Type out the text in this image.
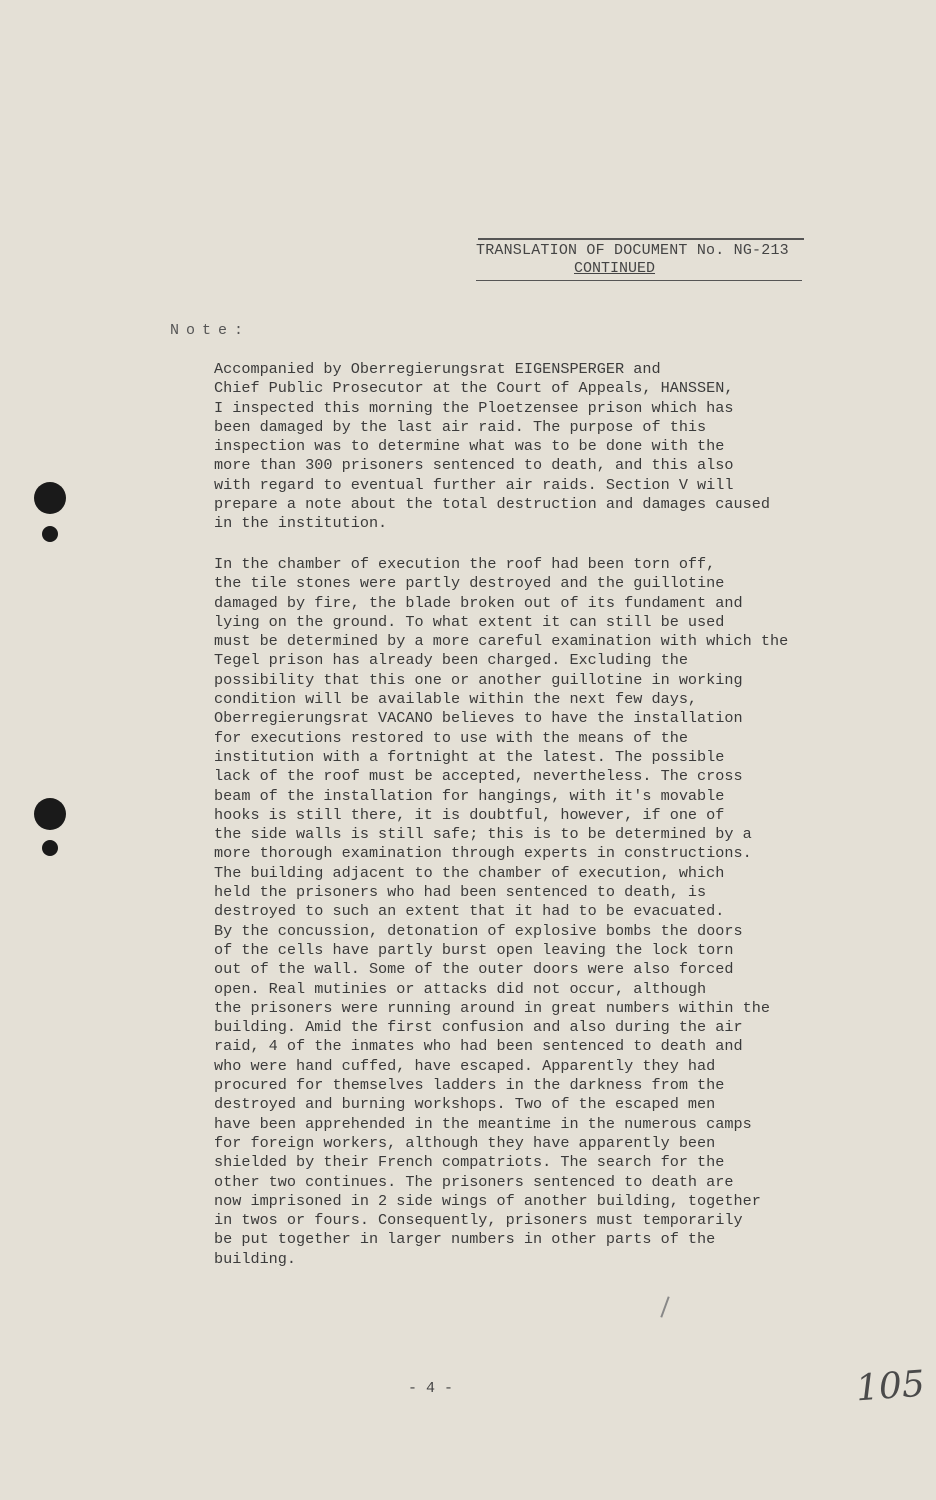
TRANSLATION OF DOCUMENT No. NG-213
CONTINUED
Note:
Accompanied by Oberregierungsrat EIGENSPERGER and
Chief Public Prosecutor at the Court of Appeals, HANSSEN,
I inspected this morning the Ploetzensee prison which has
been damaged by the last air raid. The purpose of this
inspection was to determine what was to be done with the
more than 300 prisoners sentenced to death, and this also
with regard to eventual further air raids. Section V will
prepare a note about the total destruction and damages caused
in the institution.
In the chamber of execution the roof had been torn off,
the tile stones were partly destroyed and the guillotine
damaged by fire, the blade broken out of its fundament and
lying on the ground. To what extent it can still be used
must be determined by a more careful examination with which the
Tegel prison has already been charged. Excluding the
possibility that this one or another guillotine in working
condition will be available within the next few days,
Oberregierungsrat VACANO believes to have the installation
for executions restored to use with the means of the
institution with a fortnight at the latest. The possible
lack of the roof must be accepted, nevertheless. The cross
beam of the installation for hangings, with it's movable
hooks is still there, it is doubtful, however, if one of
the side walls is still safe; this is to be determined by a
more thorough examination through experts in constructions.
The building adjacent to the chamber of execution, which
held the prisoners who had been sentenced to death, is
destroyed to such an extent that it had to be evacuated.
By the concussion, detonation of explosive bombs the doors
of the cells have partly burst open leaving the lock torn
out of the wall. Some of the outer doors were also forced
open. Real mutinies or attacks did not occur, although
the prisoners were running around in great numbers within the
building. Amid the first confusion and also during the air
raid, 4 of the inmates who had been sentenced to death and
who were hand cuffed, have escaped. Apparently they had
procured for themselves ladders in the darkness from the
destroyed and burning workshops. Two of the escaped men
have been apprehended in the meantime in the numerous camps
for foreign workers, although they have apparently been
shielded by their French compatriots. The search for the
other two continues. The prisoners sentenced to death are
now imprisoned in 2 side wings of another building, together
in twos or fours. Consequently, prisoners must temporarily
be put together in larger numbers in other parts of the
building.
- 4 -	105
